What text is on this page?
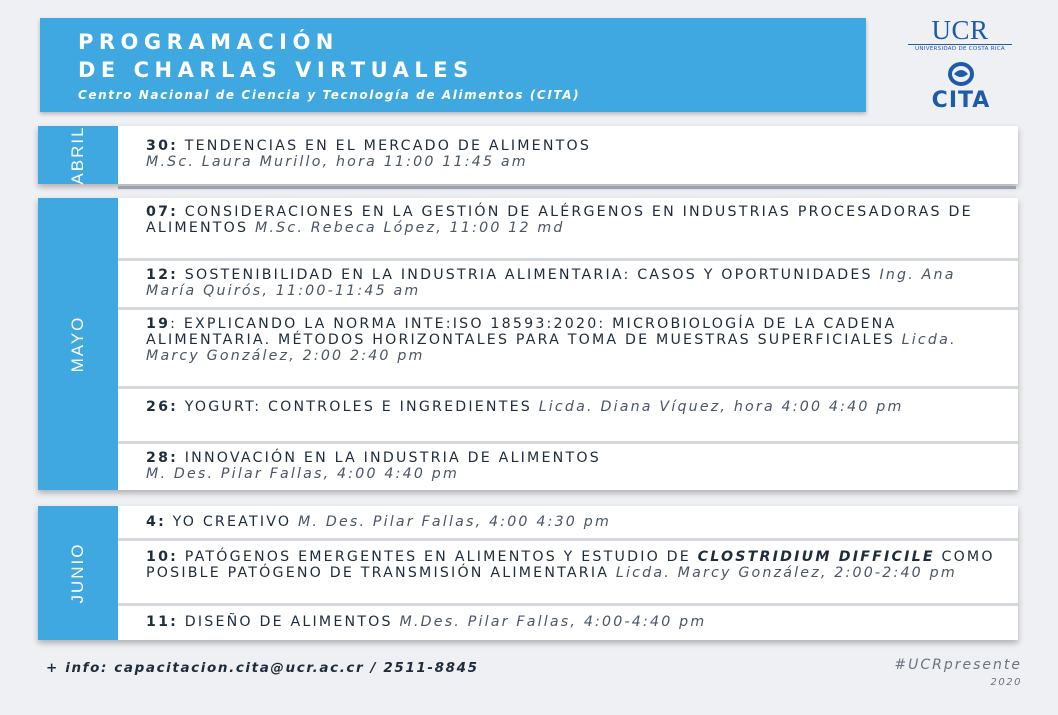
PROGRAMACIÓN
DE CHARLAS VIRTUALES
Centro Nacional de Ciencia y Tecnología de Alimentos (CITA)
UCR
UNIVERSIDAD DE COSTA RICA
CITA
ABRIL	30: TENDENCIAS EN EL MERCADO DE ALIMENTOS
M.Sc. Laura Murillo, hora 11:00 11:45 am
MAYO
07: CONSIDERACIONES EN LA GESTIÓN DE ALÉRGENOS EN INDUSTRIAS PROCESADORAS DE ALIMENTOS M.Sc. Rebeca López, 11:00 12 md
12: SOSTENIBILIDAD EN LA INDUSTRIA ALIMENTARIA: CASOS Y OPORTUNIDADES Ing. Ana María Quirós, 11:00-11:45 am
19: EXPLICANDO LA NORMA INTE:ISO 18593:2020: MICROBIOLOGÍA DE LA CADENA ALIMENTARIA. MÉTODOS HORIZONTALES PARA TOMA DE MUESTRAS SUPERFICIALES Licda. Marcy González, 2:00 2:40 pm
26: YOGURT: CONTROLES E INGREDIENTES Licda. Diana Víquez, hora 4:00 4:40 pm
28: INNOVACIÓN EN LA INDUSTRIA DE ALIMENTOS
M. Des. Pilar Fallas, 4:00 4:40 pm
JUNIO
4: YO CREATIVO M. Des. Pilar Fallas, 4:00 4:30 pm
10: PATÓGENOS EMERGENTES EN ALIMENTOS Y ESTUDIO DE CLOSTRIDIUM DIFFICILE COMO POSIBLE PATÓGENO DE TRANSMISIÓN ALIMENTARIA Licda. Marcy González, 2:00-2:40 pm
11: DISEÑO DE ALIMENTOS M.Des. Pilar Fallas, 4:00-4:40 pm
+ info: capacitacion.cita@ucr.ac.cr / 2511-8845	#UCRpresente
2020
